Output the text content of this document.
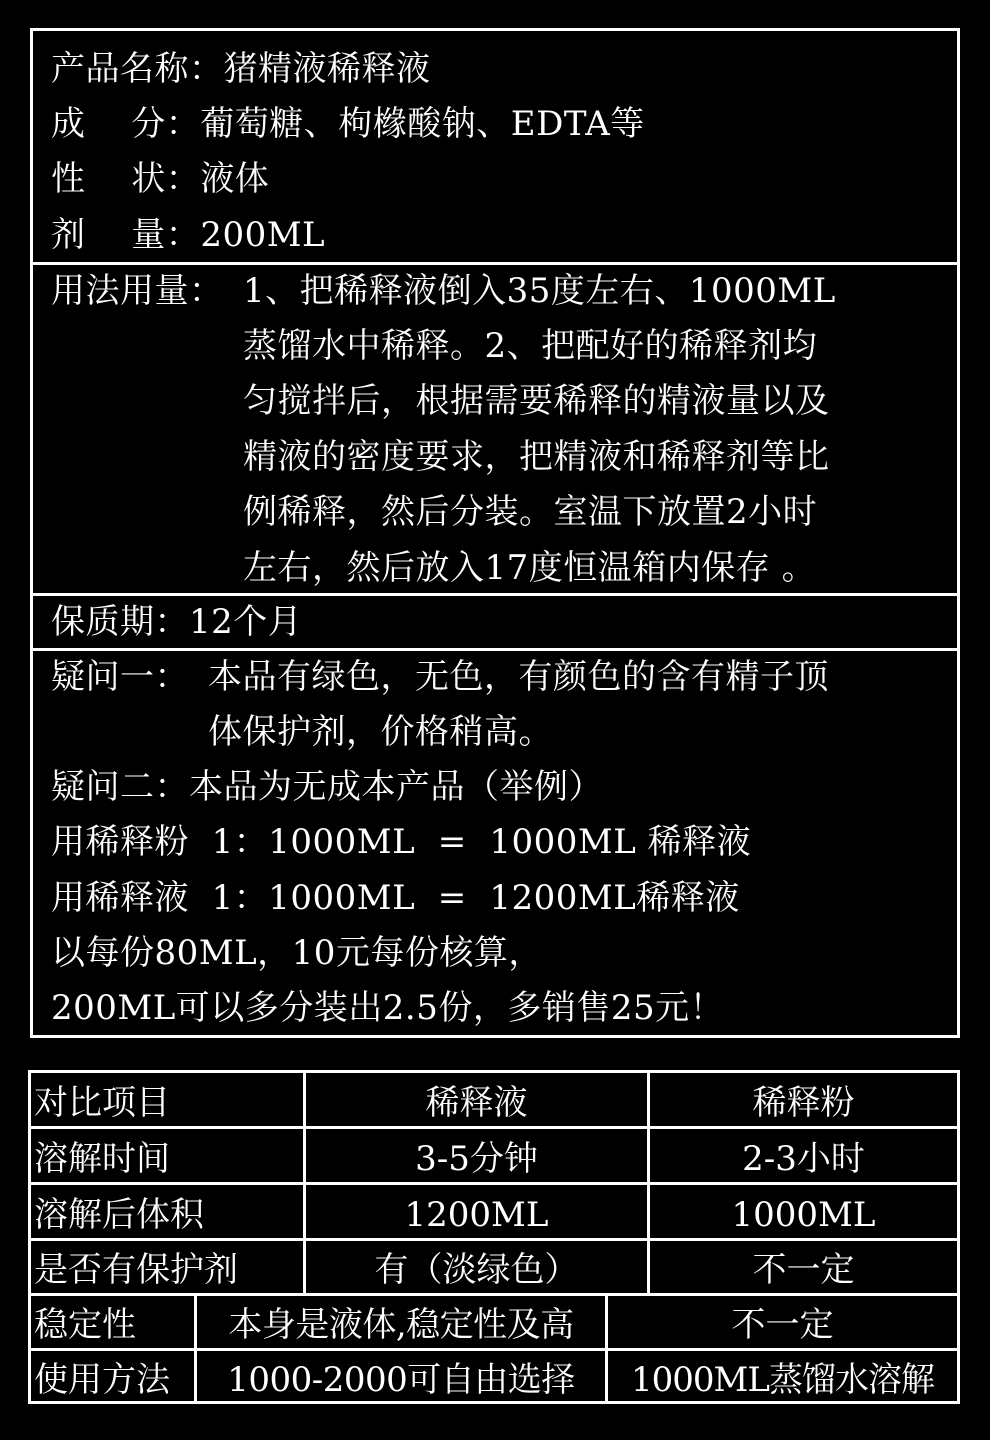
产品名称：猪精液稀释液
成　 分：葡萄糖、枸橼酸钠、EDTA等
性　 状：液体
剂　 量：200ML
用法用量： 1、把稀释液倒入35度左右、1000ML
蒸馏水中稀释。2、把配好的稀释剂均
匀搅拌后，根据需要稀释的精液量以及
精液的密度要求，把精液和稀释剂等比
例稀释，然后分装。室温下放置2小时
左右，然后放入17度恒温箱内保存 。
保质期：12个月
疑问一： 本品有绿色，无色，有颜色的含有精子顶
体保护剂，价格稍高。
疑问二：本品为无成本产品（举例）
用稀释粉  1：1000ML  =  1000ML 稀释液
用稀释液  1：1000ML  =  1200ML稀释液
以每份80ML，10元每份核算，
200ML可以多分装出2.5份，多销售25元！
对比项目	稀释液	稀释粉
溶解时间	3-5分钟	2-3小时
溶解后体积	1200ML	1000ML
是否有保护剂	有（淡绿色）	不一定
稳定性	本身是液体,稳定性及高	不一定
使用方法	1000-2000可自由选择	1000ML蒸馏水溶解
